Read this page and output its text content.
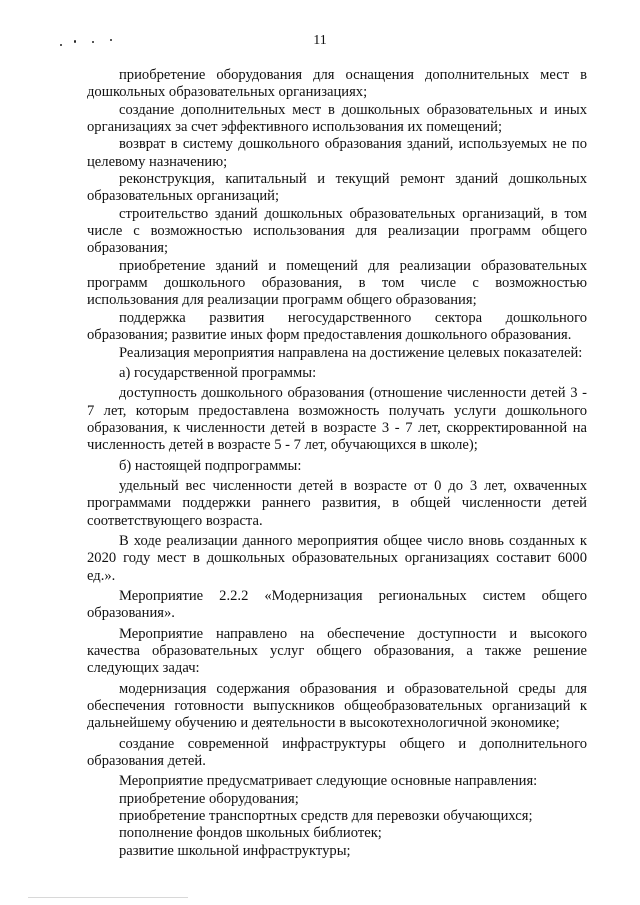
11

приобретение оборудования для оснащения дополнительных мест в дошкольных образовательных организациях;

создание дополнительных мест в дошкольных образовательных и иных организациях за счет эффективного использования их помещений;

возврат в систему дошкольного образования зданий, используемых не по целевому назначению;

реконструкция, капитальный и текущий ремонт зданий дошкольных образовательных организаций;

строительство зданий дошкольных образовательных организаций, в том числе с возможностью использования для реализации программ общего образования;

приобретение зданий и помещений для реализации образовательных программ дошкольного образования, в том числе с возможностью использования для реализации программ общего образования;

поддержка развития негосударственного сектора дошкольного образования; развитие иных форм предоставления дошкольного образования.

Реализация мероприятия направлена на достижение целевых показателей:

а) государственной программы:

доступность дошкольного образования (отношение численности детей 3 - 7 лет, которым предоставлена возможность получать услуги дошкольного образования, к численности детей в возрасте 3 - 7 лет, скорректированной на численность детей в возрасте 5 - 7 лет, обучающихся в школе);

б) настоящей подпрограммы:

удельный вес численности детей в возрасте от 0 до 3 лет, охваченных программами поддержки раннего развития, в общей численности детей соответствующего возраста.

В ходе реализации данного мероприятия общее число вновь созданных к 2020 году мест в дошкольных образовательных организациях составит 6000 ед.».

Мероприятие 2.2.2 «Модернизация региональных систем общего образования».

Мероприятие направлено на обеспечение доступности и высокого качества образовательных услуг общего образования, а также решение следующих задач:

модернизация содержания образования и образовательной среды для обеспечения готовности выпускников общеобразовательных организаций к дальнейшему обучению и деятельности в высокотехнологичной экономике;

создание современной инфраструктуры общего и дополнительного образования детей.

Мероприятие предусматривает следующие основные направления:

приобретение оборудования;

приобретение транспортных средств для перевозки обучающихся;

пополнение фондов школьных библиотек;

развитие школьной инфраструктуры;
